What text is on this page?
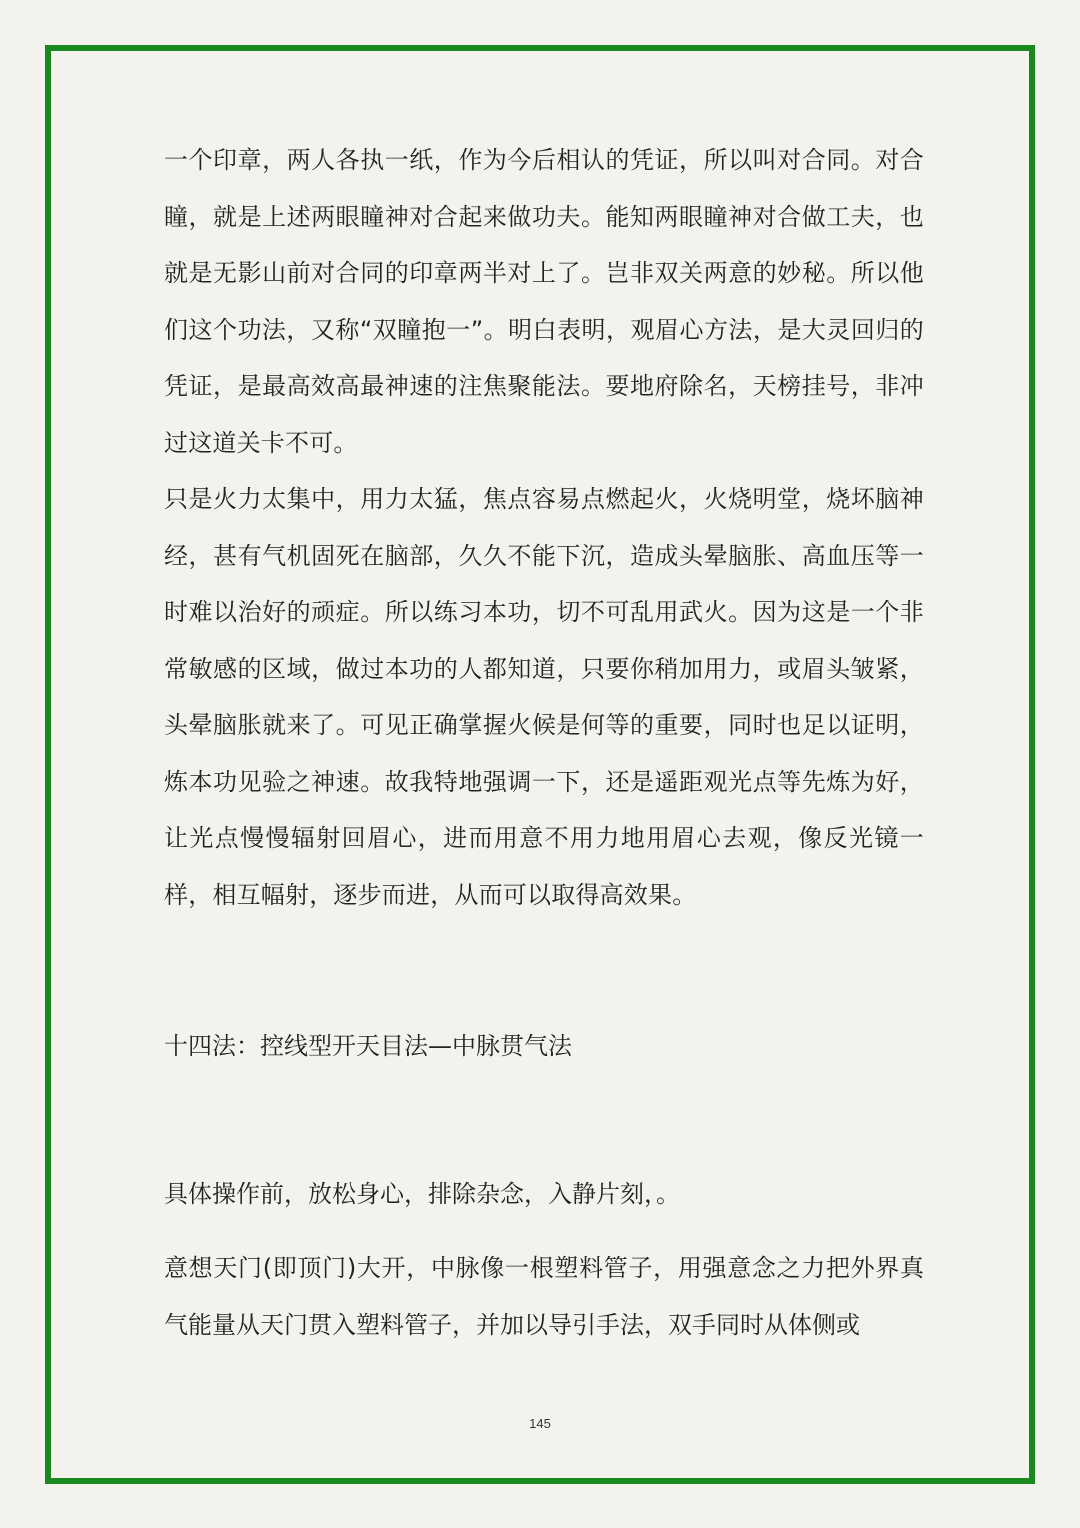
一个印章，两人各执一纸，作为今后相认的凭证，所以叫对合同。对合瞳，就是上述两眼瞳神对合起来做功夫。能知两眼瞳神对合做工夫，也就是无影山前对合同的印章两半对上了。岂非双关两意的妙秘。所以他们这个功法，又称“双瞳抱一”。明白表明，观眉心方法，是大灵回归的凭证，是最高效高最神速的注焦聚能法。要地府除名，天榜挂号，非冲过这道关卡不可。

只是火力太集中，用力太猛，焦点容易点燃起火，火烧明堂，烧坏脑神经，甚有气机固死在脑部，久久不能下沉，造成头晕脑胀、高血压等一时难以治好的顽症。所以练习本功，切不可乱用武火。因为这是一个非常敏感的区域，做过本功的人都知道，只要你稍加用力，或眉头皱紧，头晕脑胀就来了。可见正确掌握火候是何等的重要，同时也足以证明，炼本功见验之神速。故我特地强调一下，还是遥距观光点等先炼为好，让光点慢慢辐射回眉心，进而用意不用力地用眉心去观，像反光镜一样，相互幅射，逐步而进，从而可以取得高效果。

十四法：控线型开天目法—中脉贯气法

具体操作前，放松身心，排除杂念，入静片刻，。

意想天门(即顶门)大开，中脉像一根塑料管子，用强意念之力把外界真气能量从天门贯入塑料管子，并加以导引手法，双手同时从体侧或

145
